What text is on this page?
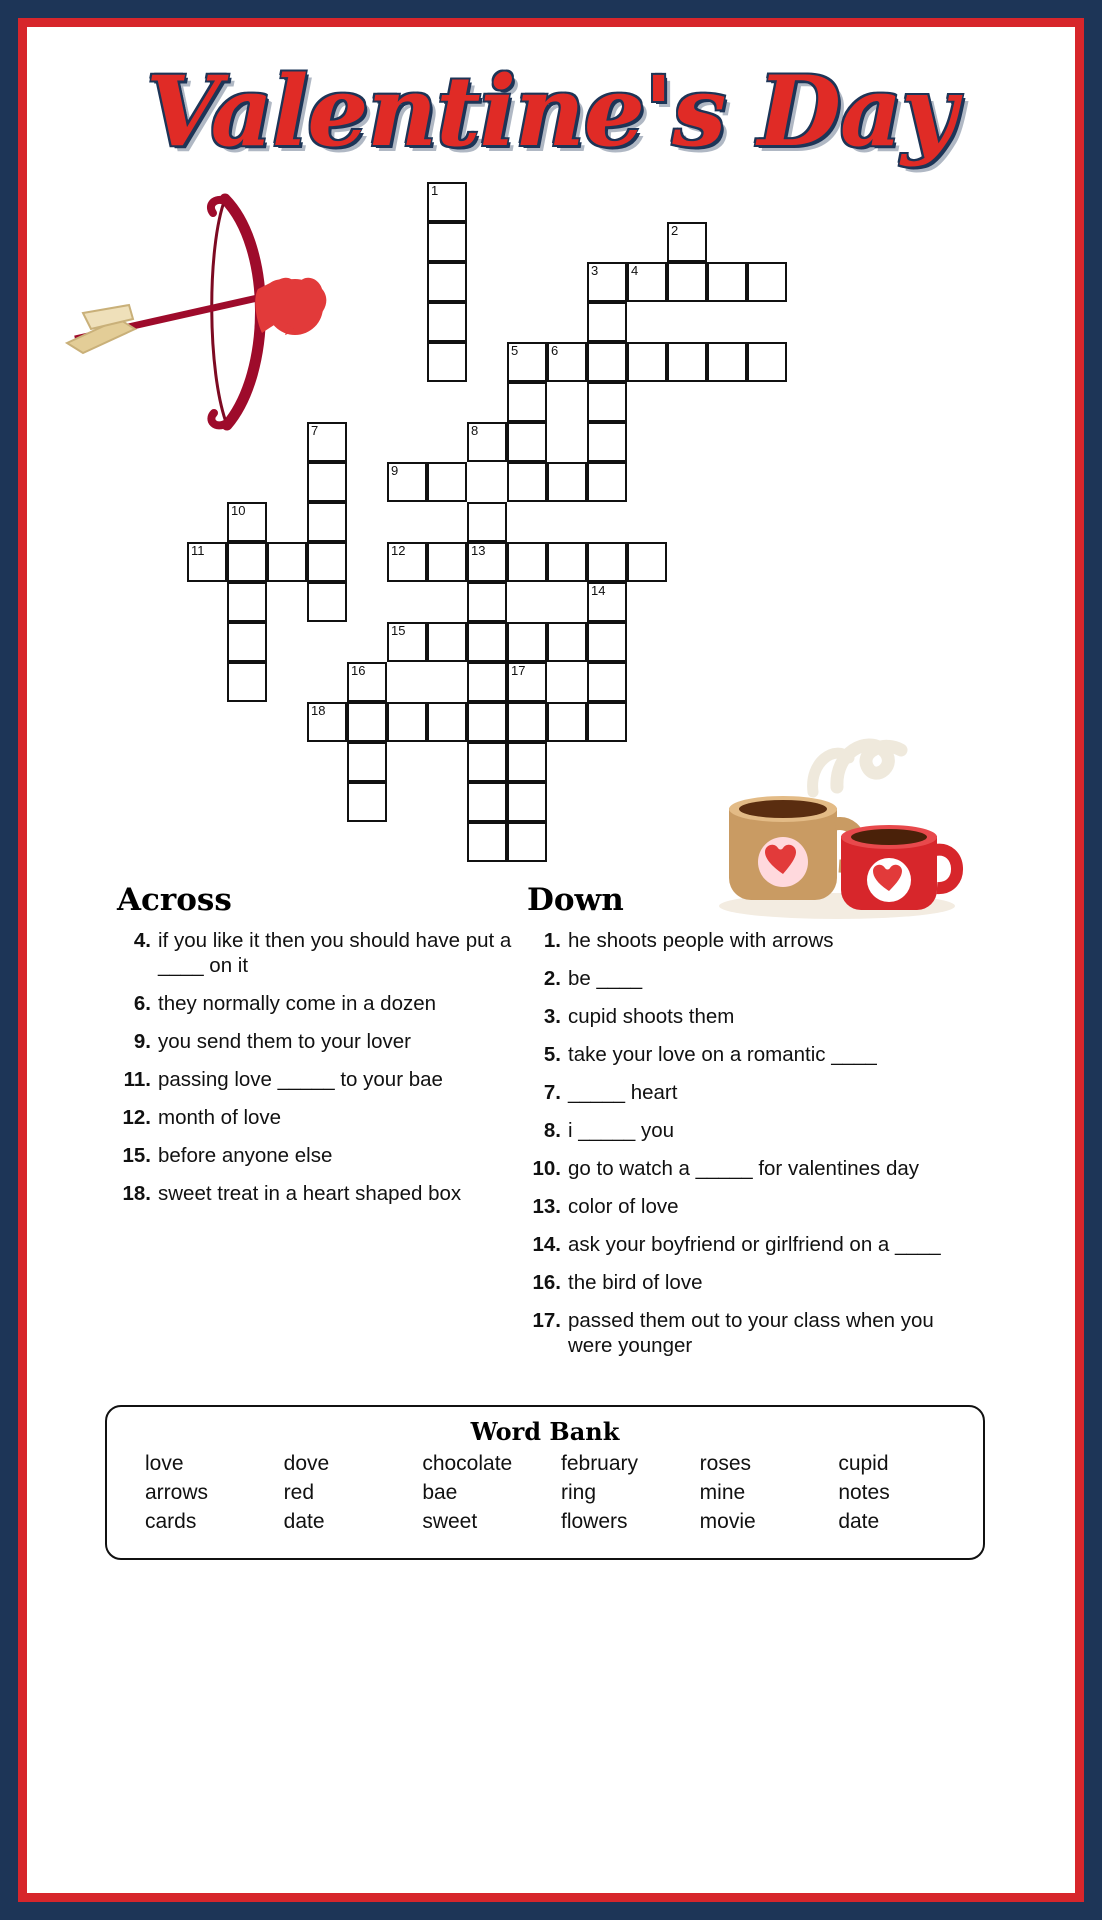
Valentine's Day
1
2
3	4
5	6
7	8
9
10
11	12	13
14
15
16	17
18
Across
4. if you like it then you should have put a ____ on it
6. they normally come in a dozen
9. you send them to your lover
11. passing love _____ to your bae
12. month of love
15. before anyone else
18. sweet treat in a heart shaped box
Down
1. he shoots people with arrows
2. be ____
3. cupid shoots them
5. take your love on a romantic ____
7. _____ heart
8. i _____ you
10. go to watch a _____ for valentines day
13. color of love
14. ask your boyfriend or girlfriend on a ____
16. the bird of love
17. passed them out to your class when you were younger
Word Bank
love	dove	chocolate	february	roses	cupid
arrows	red	bae	ring	mine	notes
cards	date	sweet	flowers	movie	date
